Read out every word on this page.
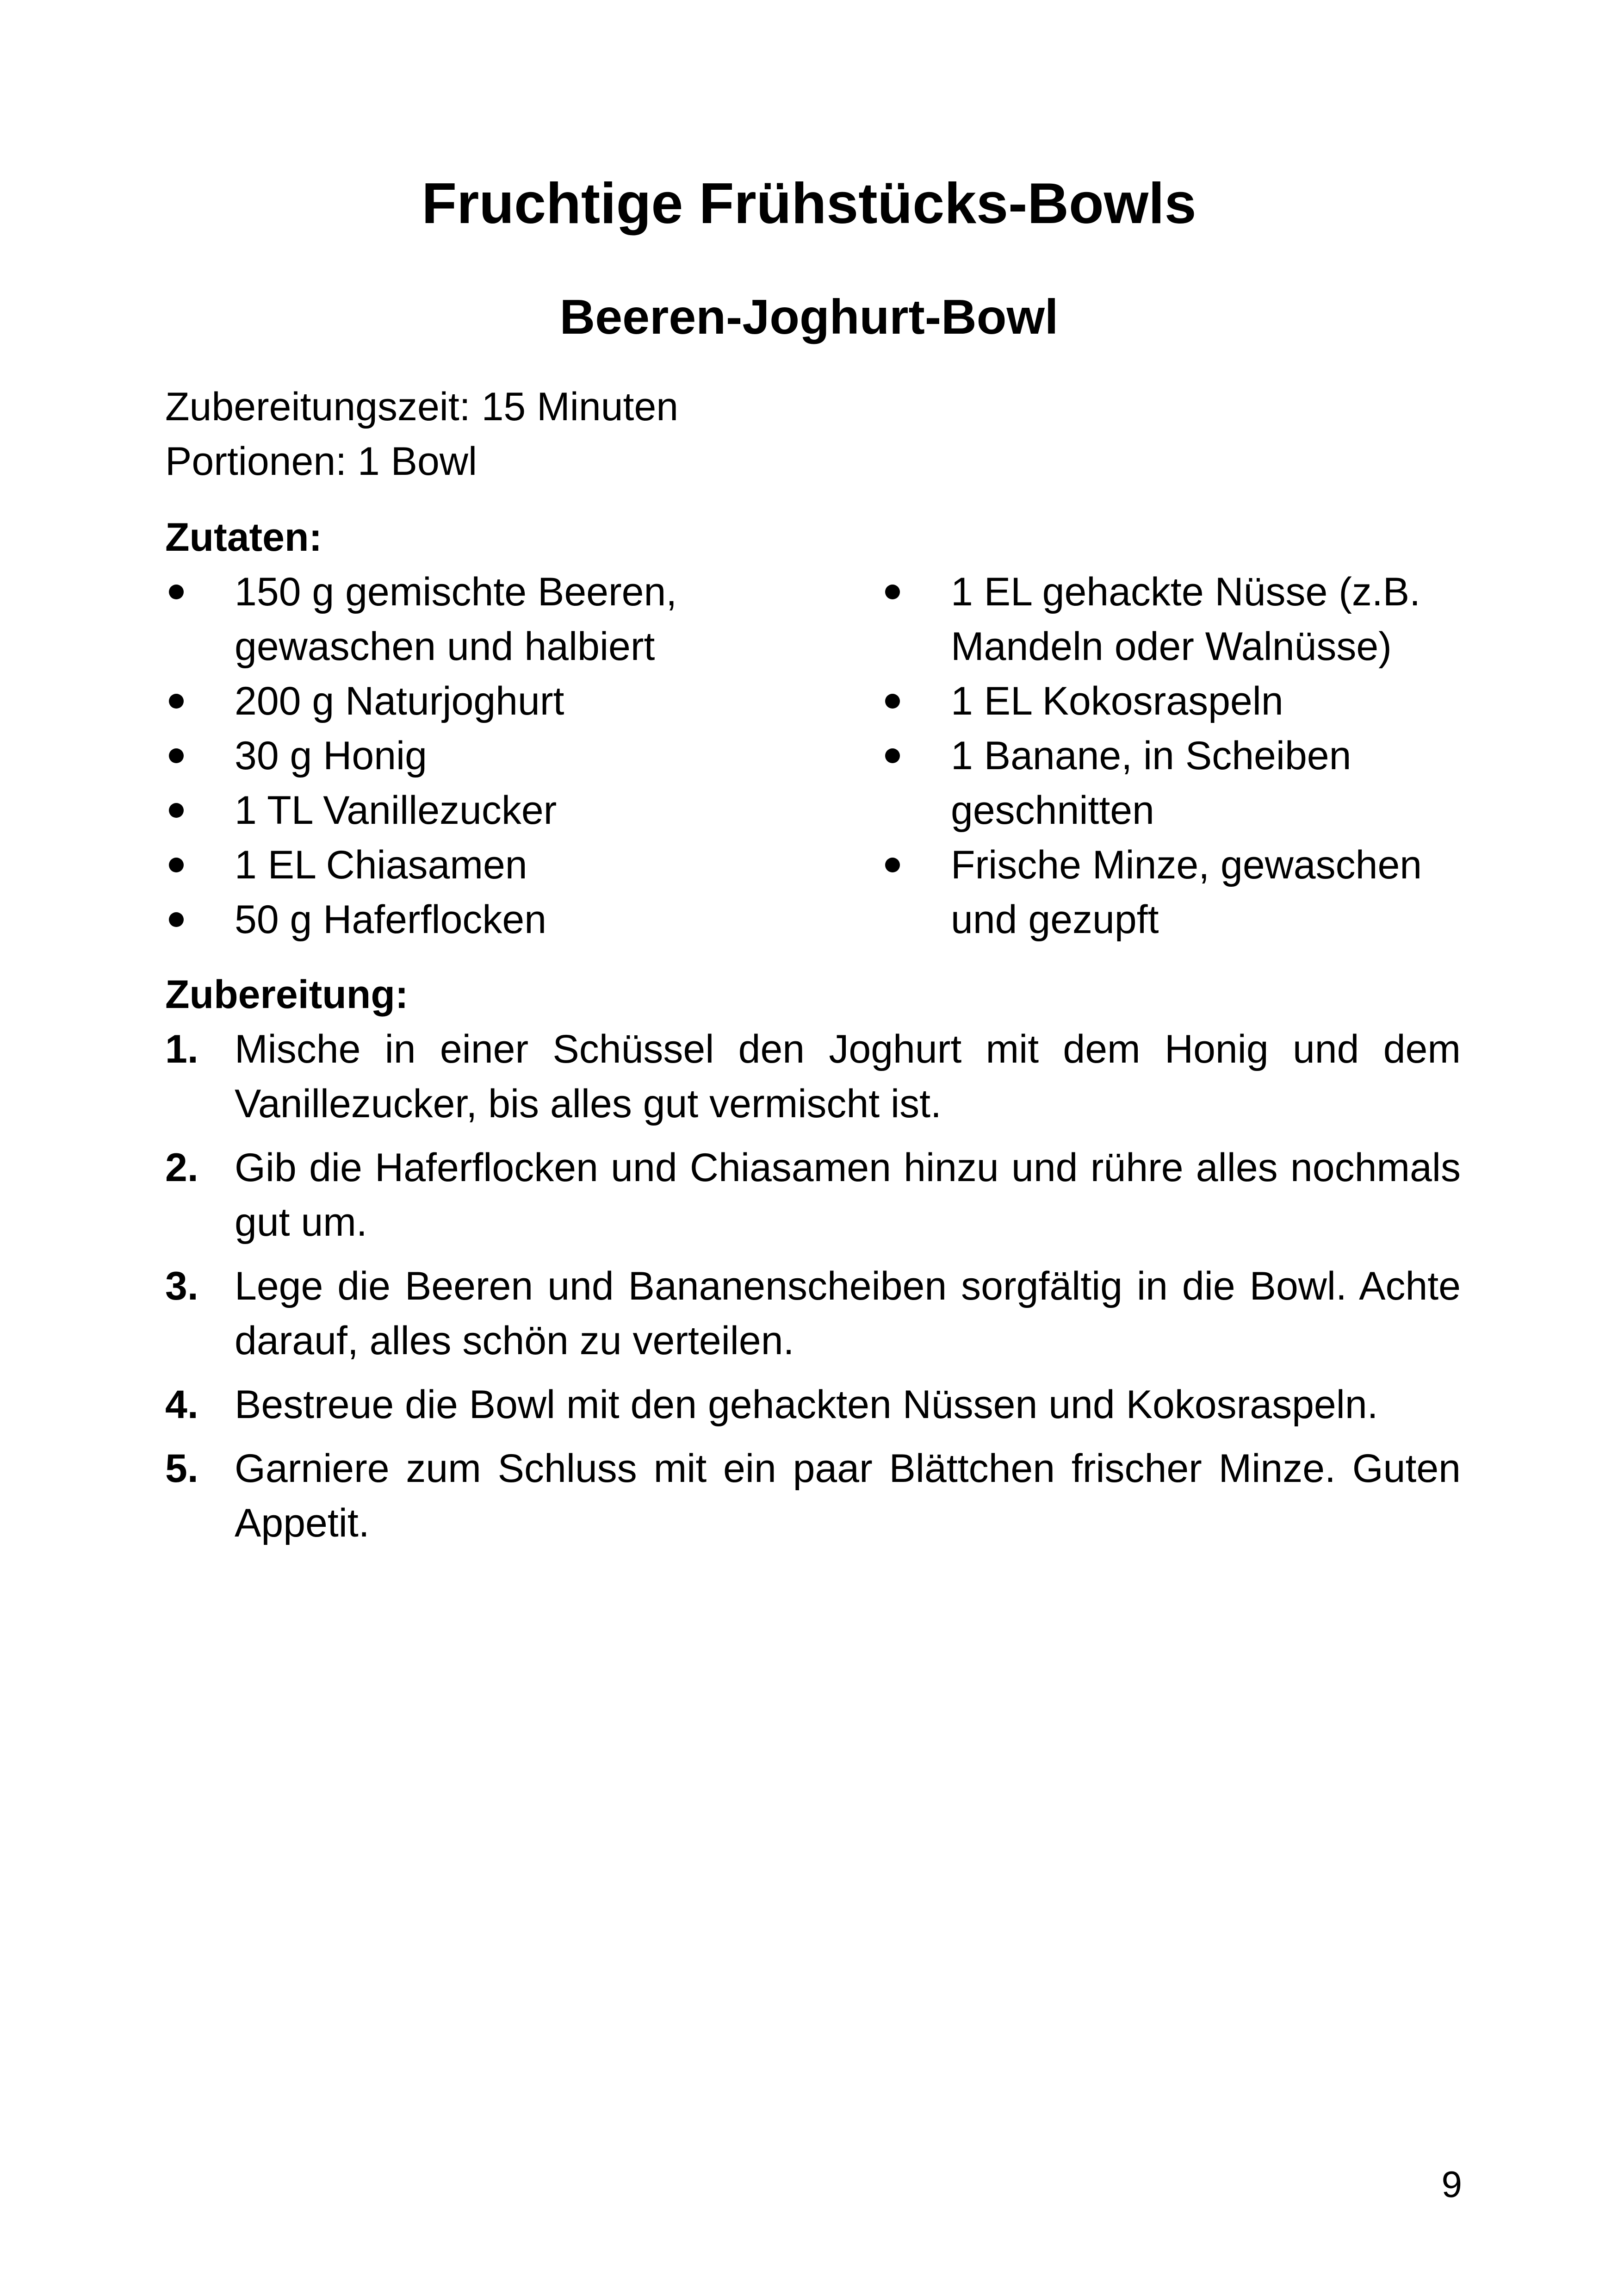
Fruchtige Frühstücks-Bowls
Beeren-Joghurt-Bowl
Zubereitungszeit: 15 Minuten
Portionen: 1 Bowl
Zutaten:
150 g gemischte Beeren, gewaschen und halbiert
200 g Naturjoghurt
30 g Honig
1 TL Vanillezucker
1 EL Chiasamen
50 g Haferflocken
1 EL gehackte Nüsse (z.B. Mandeln oder Walnüsse)
1 EL Kokosraspeln
1 Banane, in Scheiben geschnitten
Frische Minze, gewaschen und gezupft
Zubereitung:
1. Mische in einer Schüssel den Joghurt mit dem Honig und dem Vanillezucker, bis alles gut vermischt ist.
2. Gib die Haferflocken und Chiasamen hinzu und rühre alles nochmals gut um.
3. Lege die Beeren und Bananenscheiben sorgfältig in die Bowl. Achte darauf, alles schön zu verteilen.
4. Bestreue die Bowl mit den gehackten Nüssen und Kokosraspeln.
5. Garniere zum Schluss mit ein paar Blättchen frischer Minze. Guten Appetit.
9
